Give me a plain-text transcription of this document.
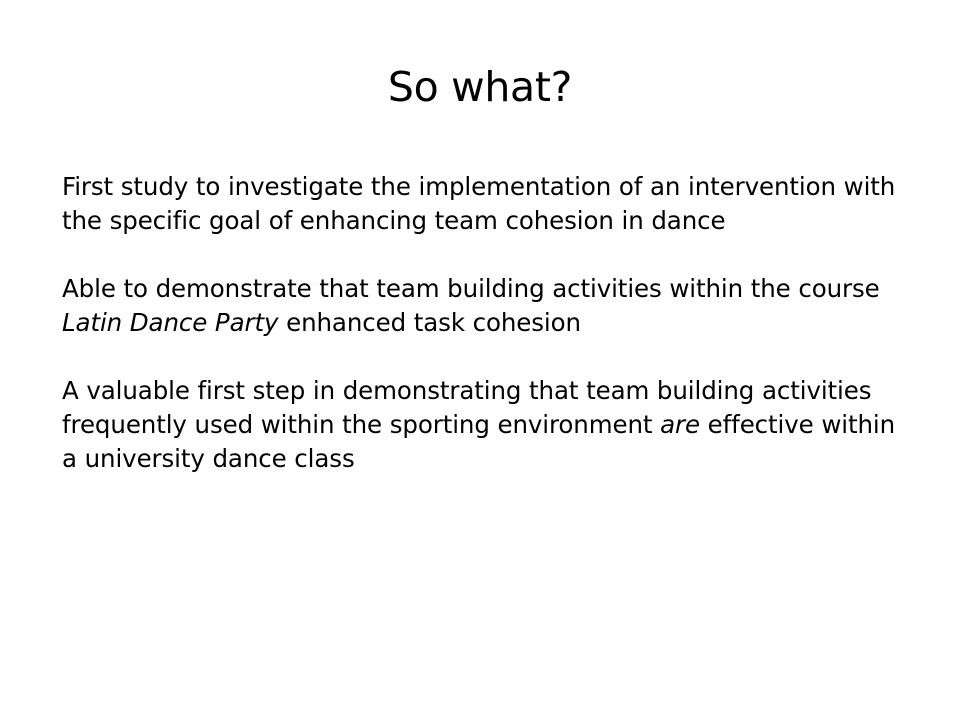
So what?

First study to investigate the implementation of an intervention with the specific goal of enhancing team cohesion in dance

Able to demonstrate that team building activities within the course Latin Dance Party enhanced task cohesion

A valuable first step in demonstrating that team building activities frequently used within the sporting environment are effective within a university dance class
